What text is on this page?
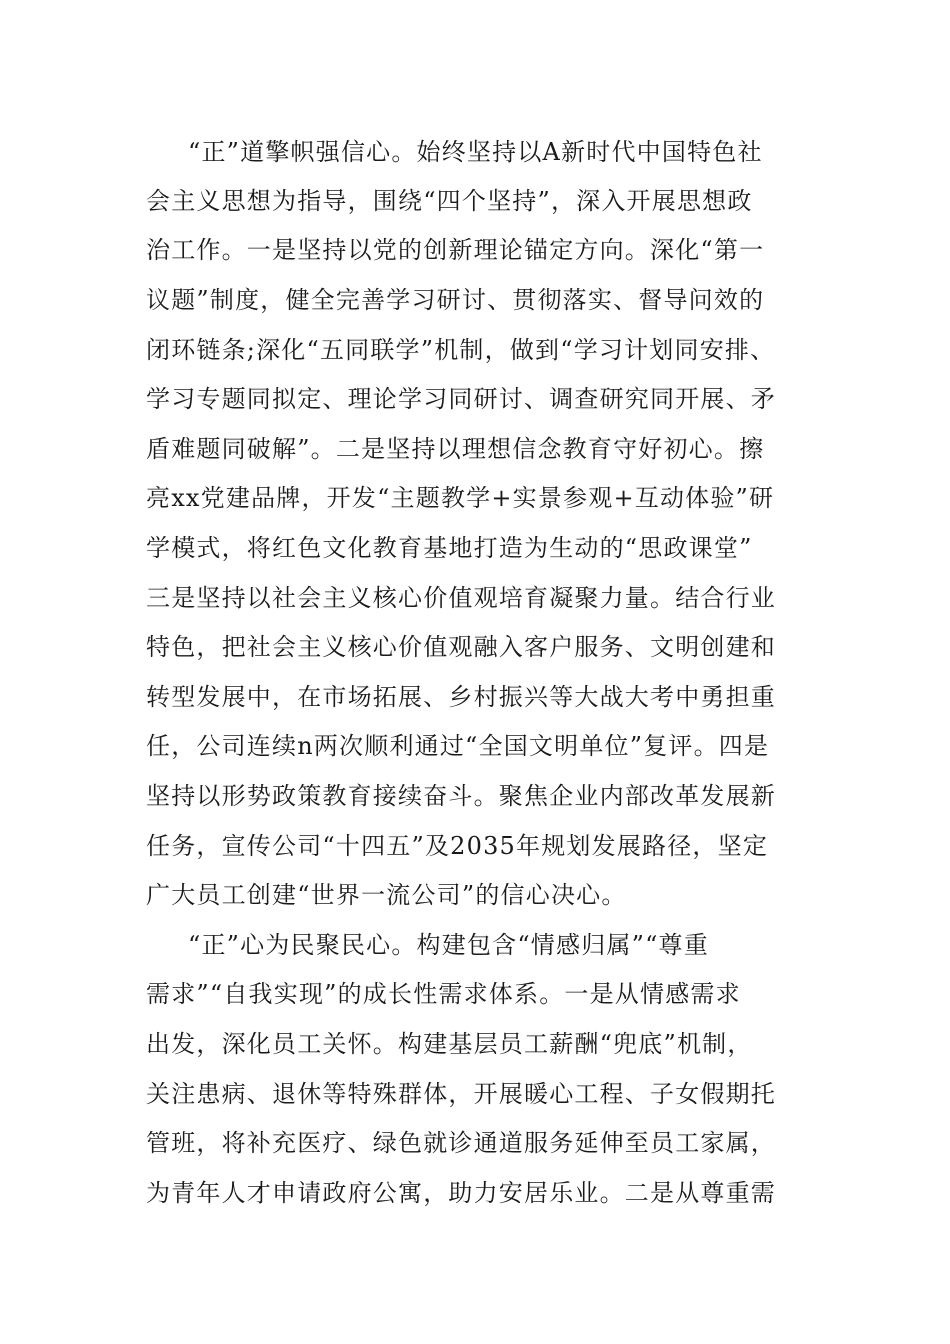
“正”道擎帜强信心。始终坚持以A新时代中国特色社
会主义思想为指导，围绕“四个坚持”，深入开展思想政
治工作。一是坚持以党的创新理论锚定方向。深化“第一
议题”制度，健全完善学习研讨、贯彻落实、督导问效的
闭环链条;深化“五同联学”机制，做到“学习计划同安排、
学习专题同拟定、理论学习同研讨、调查研究同开展、矛
盾难题同破解”。二是坚持以理想信念教育守好初心。擦
亮xx党建品牌，开发“主题教学+实景参观+互动体验”研
学模式，将红色文化教育基地打造为生动的“思政课堂”
三是坚持以社会主义核心价值观培育凝聚力量。结合行业
特色，把社会主义核心价值观融入客户服务、文明创建和
转型发展中，在市场拓展、乡村振兴等大战大考中勇担重
任，公司连续n两次顺利通过“全国文明单位”复评。四是
坚持以形势政策教育接续奋斗。聚焦企业内部改革发展新
任务，宣传公司“十四五”及2035年规划发展路径，坚定
广大员工创建“世界一流公司”的信心决心。
“正”心为民聚民心。构建包含“情感归属”“尊重
需求”“自我实现”的成长性需求体系。一是从情感需求
出发，深化员工关怀。构建基层员工薪酬“兜底”机制，
关注患病、退休等特殊群体，开展暖心工程、子女假期托
管班，将补充医疗、绿色就诊通道服务延伸至员工家属，
为青年人才申请政府公寓，助力安居乐业。二是从尊重需
